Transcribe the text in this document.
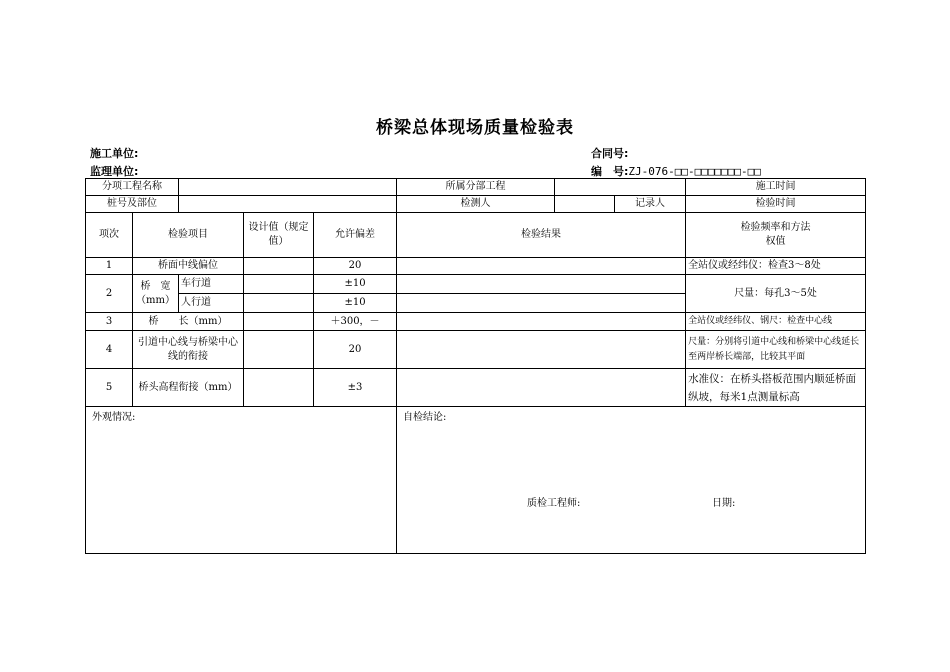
桥梁总体现场质量检验表
施工单位:
监理单位:
合同号:
编　号:ZJ-076-□□-□□□□□□□-□□
分项工程名称					所属分部工程			施工时间
桩号及部位					检测人		记录人	检验时间
项次	检验项目		设计值（规定值）	允许偏差	检验结果			检验频率和方法
权值

1	桥面中线偏位			20				全站仪或经纬仪：检查3～8处
2	桥　宽（mm）	车行道		±10				尺量：每孔3～5处
		人行道		±10				
3	桥　　长（mm）			＋300，－				全站仪或经纬仪、钢尺：检查中心线
4	引道中心线与桥梁中心线的衔接			20				尺量：分别将引道中心线和桥梁中心线延长至两岸桥长端部，比较其平面
5	桥头高程衔接（mm）			±3				水准仪：在桥头搭板范围内顺延桥面纵坡，每米1点测量标高
外观情况:					自检结论:
质检工程师: 日期:			
